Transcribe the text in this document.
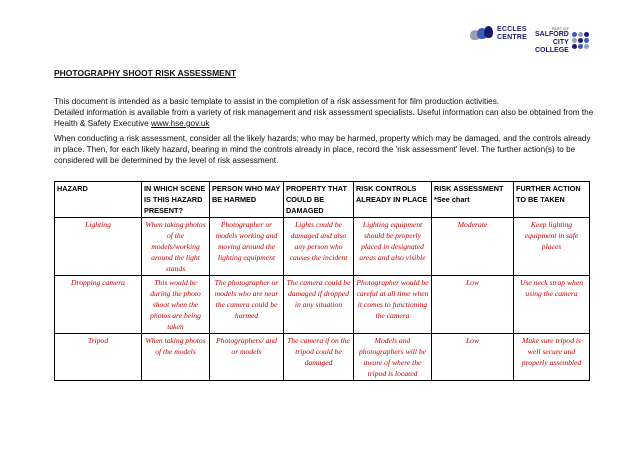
ECCLES
CENTRE
PART OF
SALFORD
CITY
COLLEGE
PHOTOGRAPHY SHOOT RISK ASSESSMENT
This document is intended as a basic template to assist in the completion of a risk assessment for film production activities.
Detailed information is available from a variety of risk management and risk assessment specialists. Useful information can also be obtained from the Health & Safety Executive www.hse.gov.uk
When conducting a risk assessment, consider all the likely hazards; who may be harmed, property which may be damaged, and the controls already in place. Then, for each likely hazard, bearing in mind the controls already in place, record the 'risk assessment' level. The further action(s) to be considered will be determined by the level of risk assessment.
HAZARD	IN WHICH SCENE IS THIS HAZARD PRESENT?	PERSON WHO MAY BE HARMED	PROPERTY THAT COULD BE DAMAGED	RISK CONTROLS ALREADY IN PLACE	RISK ASSESSMENT *See chart	FURTHER ACTION TO BE TAKEN
Lighting	When taking photos of the models/working around the light stands	Photographer or models working and moving around the lighting equipment	Lights could be damaged and also any person who causes the incident	Lighting equipment should be properly placed in designated areas and also visible	Moderate	Keep lighting equipment in safe places
Dropping camera	This would be during the photo shoot when the photos are being taken	The photographer or models who are near the camera could be harmed	The camera could be damaged if dropped in any situation	Photographer would be careful at all time when it comes to functioning the camera	Low	Use neck strap when using the camera
Tripod	When taking photos of the models	Photographers/ and or models	The camera if on the tripod could be damaged	Models and photographers will be aware of where the tripod is located	Low	Make sure tripod is well secure and properly assembled
